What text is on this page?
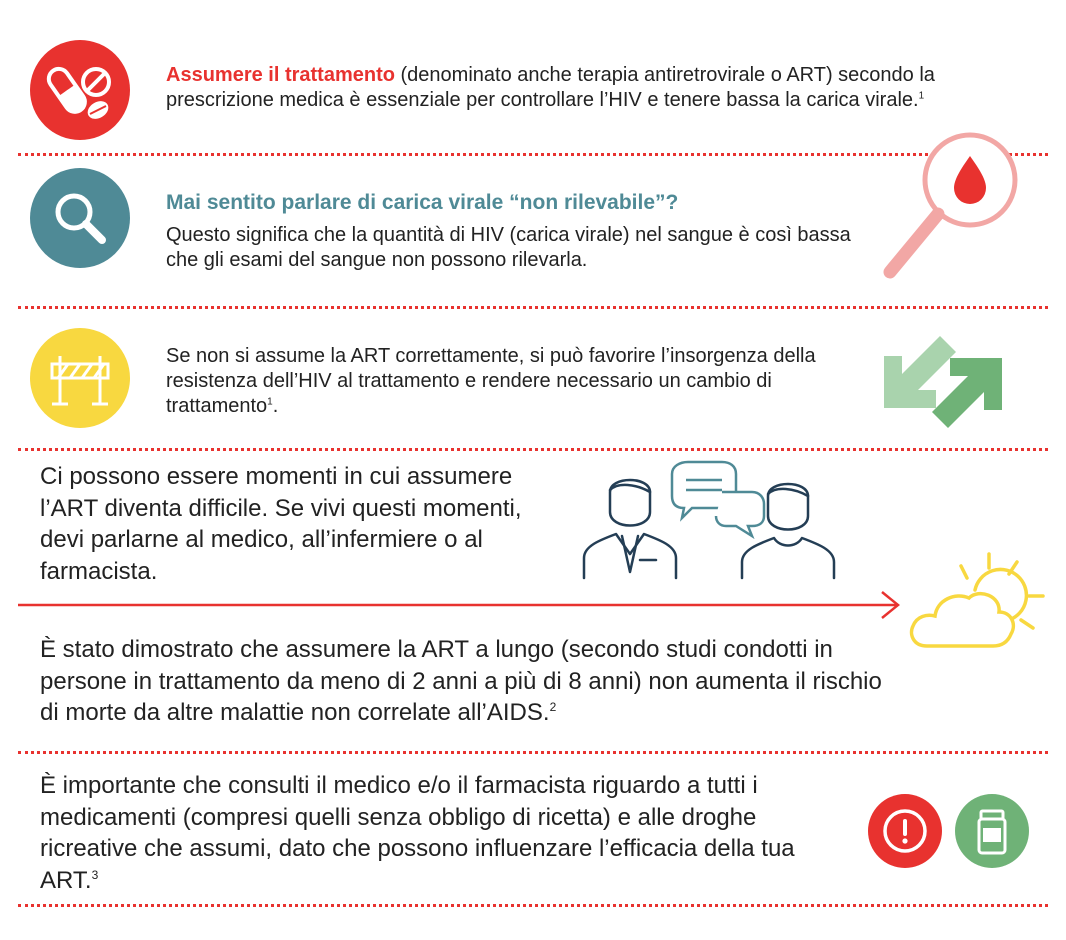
Assumere il trattamento (denominato anche terapia antiretrovirale o ART) secondo la prescrizione medica è essenziale per controllare l’HIV e tenere bassa la carica virale.$^1$
Mai sentito parlare di carica virale “non rilevabile”?
Questo significa che la quantità di HIV (carica virale) nel sangue è così bassa che gli esami del sangue non possono rilevarla.
Se non si assume la ART correttamente, si può favorire l’insorgenza della resistenza dell’HIV al trattamento e rendere necessario un cambio di trattamento$^1$.
Ci possono essere momenti in cui assumere l’ART diventa difficile. Se vivi questi momenti, devi parlarne al medico, all’infermiere o al farmacista.
È stato dimostrato che assumere la ART a lungo (secondo studi condotti in persone in trattamento da meno di 2 anni a più di 8 anni) non aumenta il rischio di morte da altre malattie non correlate all’AIDS.$^2$
È importante che consulti il medico e/o il farmacista riguardo a tutti i medicamenti (compresi quelli senza obbligo di ricetta) e alle droghe ricreative che assumi, dato che possono influenzare l’efficacia della tua ART.$^3$
